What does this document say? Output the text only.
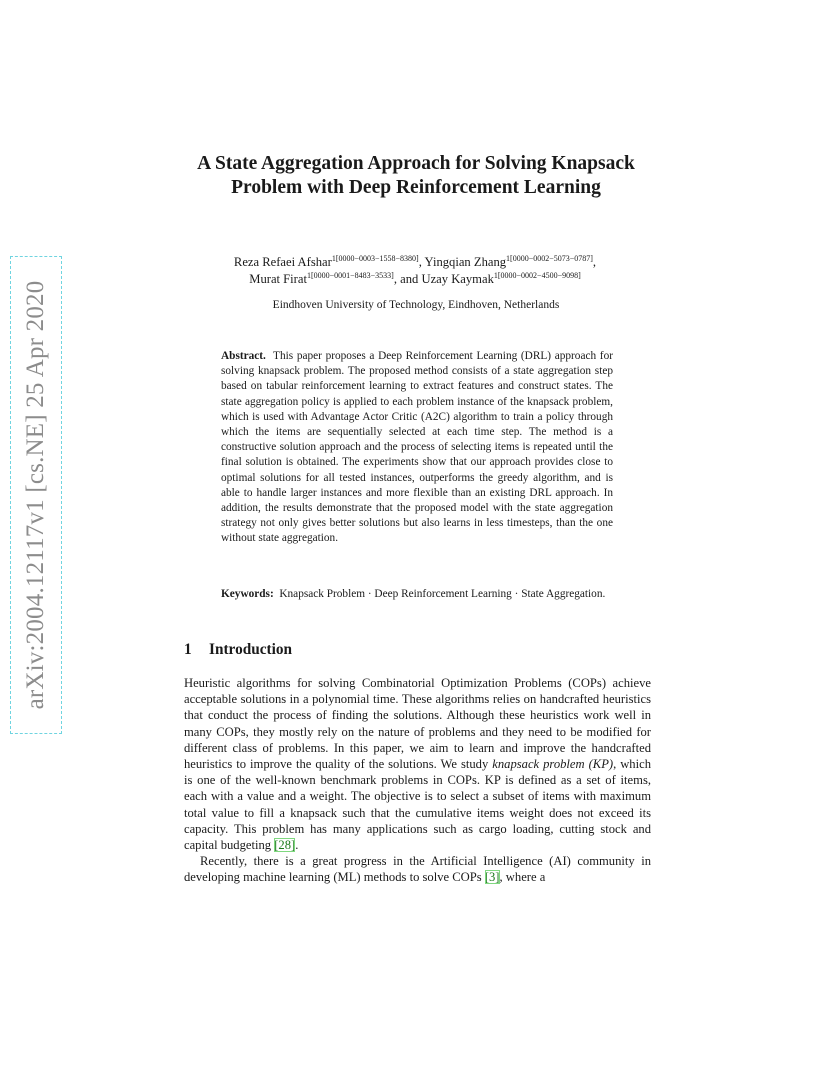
arXiv:2004.12117v1 [cs.NE] 25 Apr 2020
A State Aggregation Approach for Solving Knapsack Problem with Deep Reinforcement Learning
Reza Refaei Afshar$^{1[0000-0003-1558-8380]}$, Yingqian Zhang$^{1[0000-0002-5073-0787]}$,
Murat Firat$^{1[0000-0001-8483-3533]}$, and Uzay Kaymak$^{1[0000-0002-4500-9098]}$
Eindhoven University of Technology, Eindhoven, Netherlands
Abstract. This paper proposes a Deep Reinforcement Learning (DRL) approach for solving knapsack problem. The proposed method consists of a state aggregation step based on tabular reinforcement learning to extract features and construct states. The state aggregation policy is applied to each problem instance of the knapsack problem, which is used with Advantage Actor Critic (A2C) algorithm to train a policy through which the items are sequentially selected at each time step. The method is a constructive solution approach and the process of selecting items is repeated until the final solution is obtained. The experiments show that our approach provides close to optimal solutions for all tested instances, outperforms the greedy algorithm, and is able to handle larger instances and more flexible than an existing DRL approach. In addition, the results demonstrate that the proposed model with the state aggregation strategy not only gives better solutions but also learns in less timesteps, than the one without state aggregation.
Keywords: Knapsack Problem · Deep Reinforcement Learning · State Aggregation.
1 Introduction

Heuristic algorithms for solving Combinatorial Optimization Problems (COPs) achieve acceptable solutions in a polynomial time. These algorithms relies on handcrafted heuristics that conduct the process of finding the solutions. Although these heuristics work well in many COPs, they mostly rely on the nature of problems and they need to be modified for different class of problems. In this paper, we aim to learn and improve the handcrafted heuristics to improve the quality of the solutions. We study knapsack problem (KP), which is one of the well-known benchmark problems in COPs. KP is defined as a set of items, each with a value and a weight. The objective is to select a subset of items with maximum total value to fill a knapsack such that the cumulative items weight does not exceed its capacity. This problem has many applications such as cargo loading, cutting stock and capital budgeting [28].

Recently, there is a great progress in the Artificial Intelligence (AI) community in developing machine learning (ML) methods to solve COPs [3], where a
